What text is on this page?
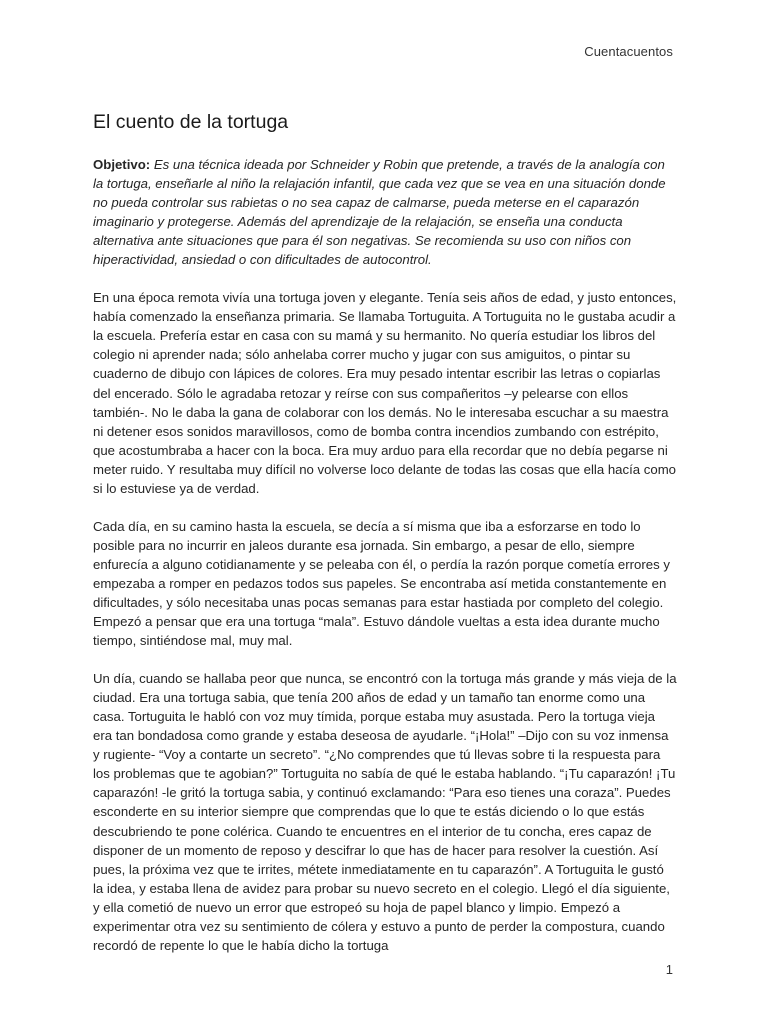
Cuentacuentos
El cuento de la tortuga

Objetivo: Es una técnica ideada por Schneider y Robin que pretende, a través de la analogía con la tortuga, enseñarle al niño la relajación infantil, que cada vez que se vea en una situación donde no pueda controlar sus rabietas o no sea capaz de calmarse, pueda meterse en el caparazón imaginario y protegerse. Además del aprendizaje de la relajación, se enseña una conducta alternativa ante situaciones que para él son negativas. Se recomienda su uso con niños con hiperactividad, ansiedad o con dificultades de autocontrol.

En una época remota vivía una tortuga joven y elegante. Tenía seis años de edad, y justo entonces, había comenzado la enseñanza primaria. Se llamaba Tortuguita. A Tortuguita no le gustaba acudir a la escuela. Prefería estar en casa con su mamá y su hermanito. No quería estudiar los libros del colegio ni aprender nada; sólo anhelaba correr mucho y jugar con sus amiguitos, o pintar su cuaderno de dibujo con lápices de colores. Era muy pesado intentar escribir las letras o copiarlas del encerado. Sólo le agradaba retozar y reírse con sus compañeritos –y pelearse con ellos también-. No le daba la gana de colaborar con los demás. No le interesaba escuchar a su maestra ni detener esos sonidos maravillosos, como de bomba contra incendios zumbando con estrépito, que acostumbraba a hacer con la boca. Era muy arduo para ella recordar que no debía pegarse ni meter ruido. Y resultaba muy difícil no volverse loco delante de todas las cosas que ella hacía como si lo estuviese ya de verdad.

Cada día, en su camino hasta la escuela, se decía a sí misma que iba a esforzarse en todo lo posible para no incurrir en jaleos durante esa jornada. Sin embargo, a pesar de ello, siempre enfurecía a alguno cotidianamente y se peleaba con él, o perdía la razón porque cometía errores y empezaba a romper en pedazos todos sus papeles. Se encontraba así metida constantemente en dificultades, y sólo necesitaba unas pocas semanas para estar hastiada por completo del colegio. Empezó a pensar que era una tortuga “mala”. Estuvo dándole vueltas a esta idea durante mucho tiempo, sintiéndose mal, muy mal.

Un día, cuando se hallaba peor que nunca, se encontró con la tortuga más grande y más vieja de la ciudad. Era una tortuga sabia, que tenía 200 años de edad y un tamaño tan enorme como una casa. Tortuguita le habló con voz muy tímida, porque estaba muy asustada. Pero la tortuga vieja era tan bondadosa como grande y estaba deseosa de ayudarle. “¡Hola!” –Dijo con su voz inmensa y rugiente- “Voy a contarte un secreto”. “¿No comprendes que tú llevas sobre ti la respuesta para los problemas que te agobian?” Tortuguita no sabía de qué le estaba hablando. “¡Tu caparazón! ¡Tu caparazón! -le gritó la tortuga sabia, y continuó exclamando: “Para eso tienes una coraza”. Puedes esconderte en su interior siempre que comprendas que lo que te estás diciendo o lo que estás descubriendo te pone colérica. Cuando te encuentres en el interior de tu concha, eres capaz de disponer de un momento de reposo y descifrar lo que has de hacer para resolver la cuestión. Así pues, la próxima vez que te irrites, métete inmediatamente en tu caparazón”. A Tortuguita le gustó la idea, y estaba llena de avidez para probar su nuevo secreto en el colegio. Llegó el día siguiente, y ella cometió de nuevo un error que estropeó su hoja de papel blanco y limpio. Empezó a experimentar otra vez su sentimiento de cólera y estuvo a punto de perder la compostura, cuando recordó de repente lo que le había dicho la tortuga

1
